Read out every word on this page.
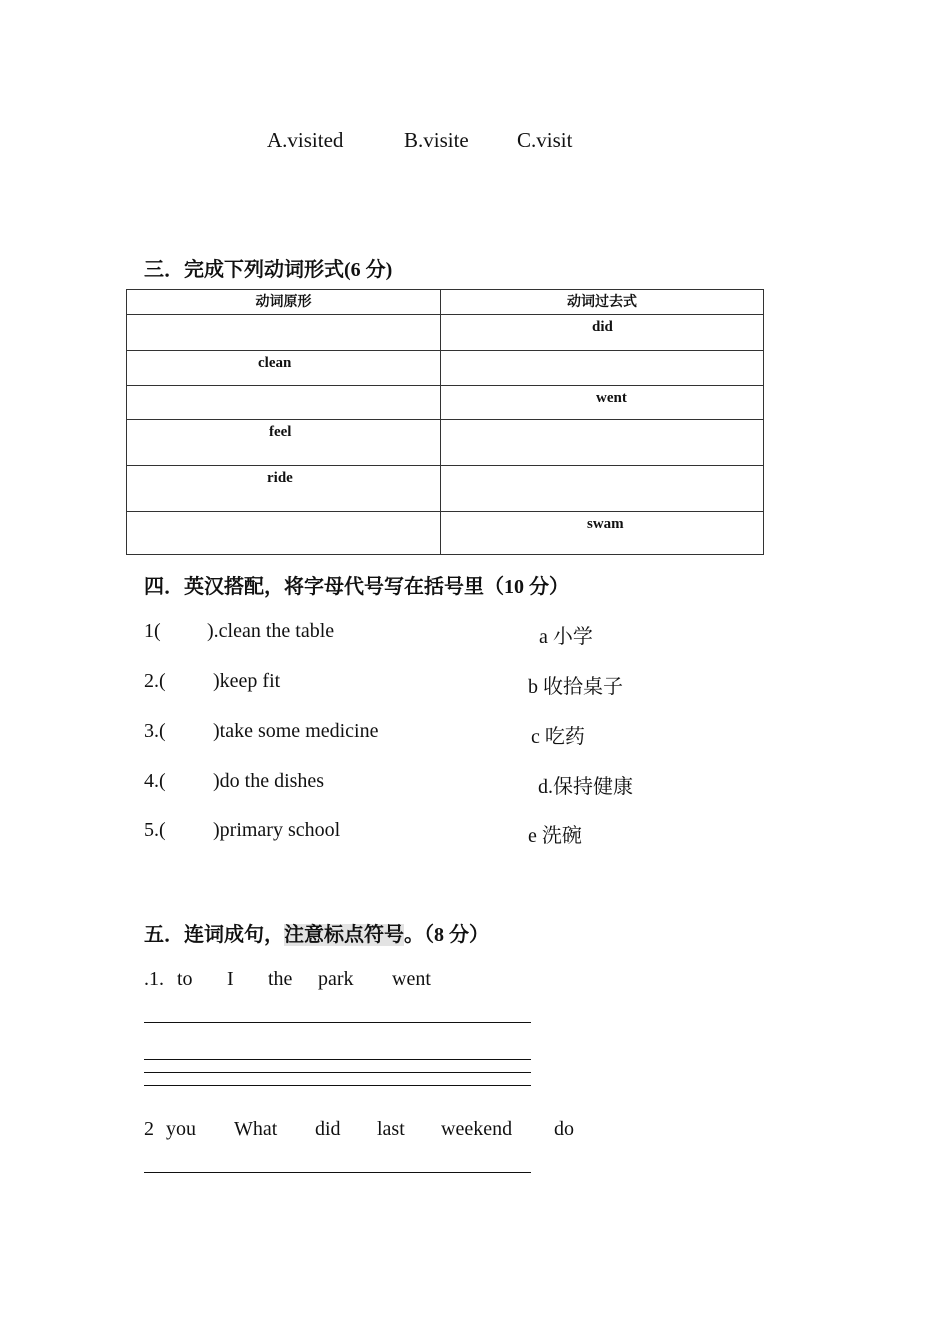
A.visited	B.visite C.visit
三．完成下列动词形式(6 分)
动词原形	动词过去式
	did
clean	
	went
feel	
ride	
	swam
四．英汉搭配，将字母代号写在括号里（10 分）
1( ).clean the table	a 小学
2.( )keep fit	b 收拾桌子
3.( )take some medicine	c 吃药
4.( )do the dishes	d.保持健康
5.( )primary school	e 洗碗
五．连词成句，注意标点符号。（8 分）
.1. to I the park went
2 you What did last weekend do
